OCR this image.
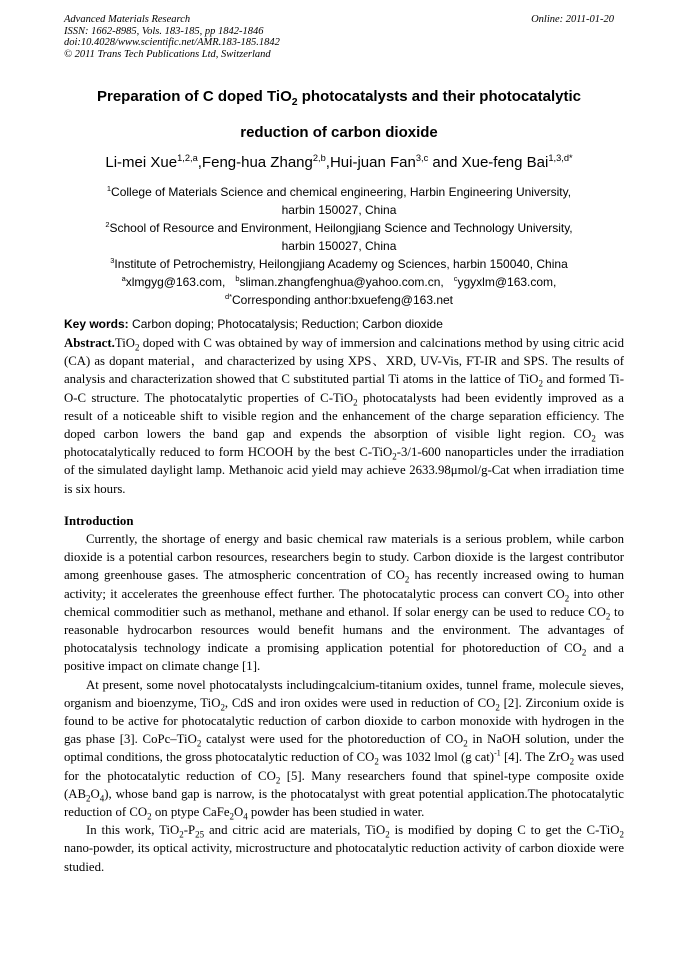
Advanced Materials Research
ISSN: 1662-8985, Vols. 183-185, pp 1842-1846
doi:10.4028/www.scientific.net/AMR.183-185.1842
© 2011 Trans Tech Publications Ltd, Switzerland
Online: 2011-01-20
Preparation of C doped TiO$_2$ photocatalysts and their photocatalytic
reduction of carbon dioxide
Li-mei Xue$^{1,2,a}$,Feng-hua Zhang$^{2,b}$,Hui-juan Fan$^{3,c}$ and Xue-feng Bai$^{1,3,d*}$
$^1$College of Materials Science and chemical engineering, Harbin Engineering University,
harbin 150027, China
$^2$School of Resource and Environment, Heilongjiang Science and Technology University,
harbin 150027, China
$^3$Institute of Petrochemistry, Heilongjiang Academy og Sciences, harbin 150040, China
$^a$xlmgyg@163.com, $^b$sliman.zhangfenghua@yahoo.com.cn, $^c$ygyxlm@163.com,
$^{d*}$Corresponding anthor:bxuefeng@163.net
Key words: Carbon doping; Photocatalysis; Reduction; Carbon dioxide

Abstract.TiO$_2$ doped with C was obtained by way of immersion and calcinations method by using citric acid (CA) as dopant material，and characterized by using XPS、XRD, UV-Vis, FT-IR and SPS. The results of analysis and characterization showed that C substituted partial Ti atoms in the lattice of TiO$_2$ and formed Ti-O-C structure. The photocatalytic properties of C-TiO$_2$ photocatalysts had been evidently improved as a result of a noticeable shift to visible region and the enhancement of the charge separation efficiency. The doped carbon lowers the band gap and expends the absorption of visible light region. $CO_2$ was photocatalytically reduced to form HCOOH by the best C-TiO$_2$-3/1-600 nanoparticles under the irradiation of the simulated daylight lamp. Methanoic acid yield may achieve 2633.98μmol/g-Cat when irradiation time is six hours.

Introduction

Currently, the shortage of energy and basic chemical raw materials is a serious problem, while carbon dioxide is a potential carbon resources, researchers begin to study. Carbon dioxide is the largest contributor among greenhouse gases. The atmospheric concentration of $CO_2$ has recently increased owing to human activity; it accelerates the greenhouse effect further. The photocatalytic process can convert $CO_2$ into other chemical commoditier such as methanol, methane and ethanol. If solar energy can be used to reduce $CO_2$ to reasonable hydrocarbon resources would benefit humans and the environment. The advantages of photocatalysis technology indicate a promising application potential for photoreduction of $CO_2$ and a positive impact on climate change [1].

At present, some novel photocatalysts includingcalcium-titanium oxides, tunnel frame, molecule sieves, organism and bioenzyme, TiO$_2$, CdS and iron oxides were used in reduction of $CO_2$ [2]. Zirconium oxide is found to be active for photocatalytic reduction of carbon dioxide to carbon monoxide with hydrogen in the gas phase [3]. CoPc–TiO$_2$ catalyst were used for the photoreduction of $CO_2$ in NaOH solution, under the optimal conditions, the gross photocatalytic reduction of $CO_2$ was 1032 lmol (g cat)$^{-1}$ [4]. The ZrO$_2$ was used for the photocatalytic reduction of $CO_2$ [5]. Many researchers found that spinel-type composite oxide $(AB_2O_4)$, whose band gap is narrow, is the photocatalyst with great potential application.The photocatalytic reduction of $CO_2$ on ptype $CaFe_2O_4$ powder has been studied in water.

In this work, $TiO_2-P_{25}$ and citric acid are materials, TiO$_2$ is modified by doping C to get the C-TiO$_2$ nano-powder, its optical activity, microstructure and photocatalytic reduction activity of carbon dioxide were studied.
